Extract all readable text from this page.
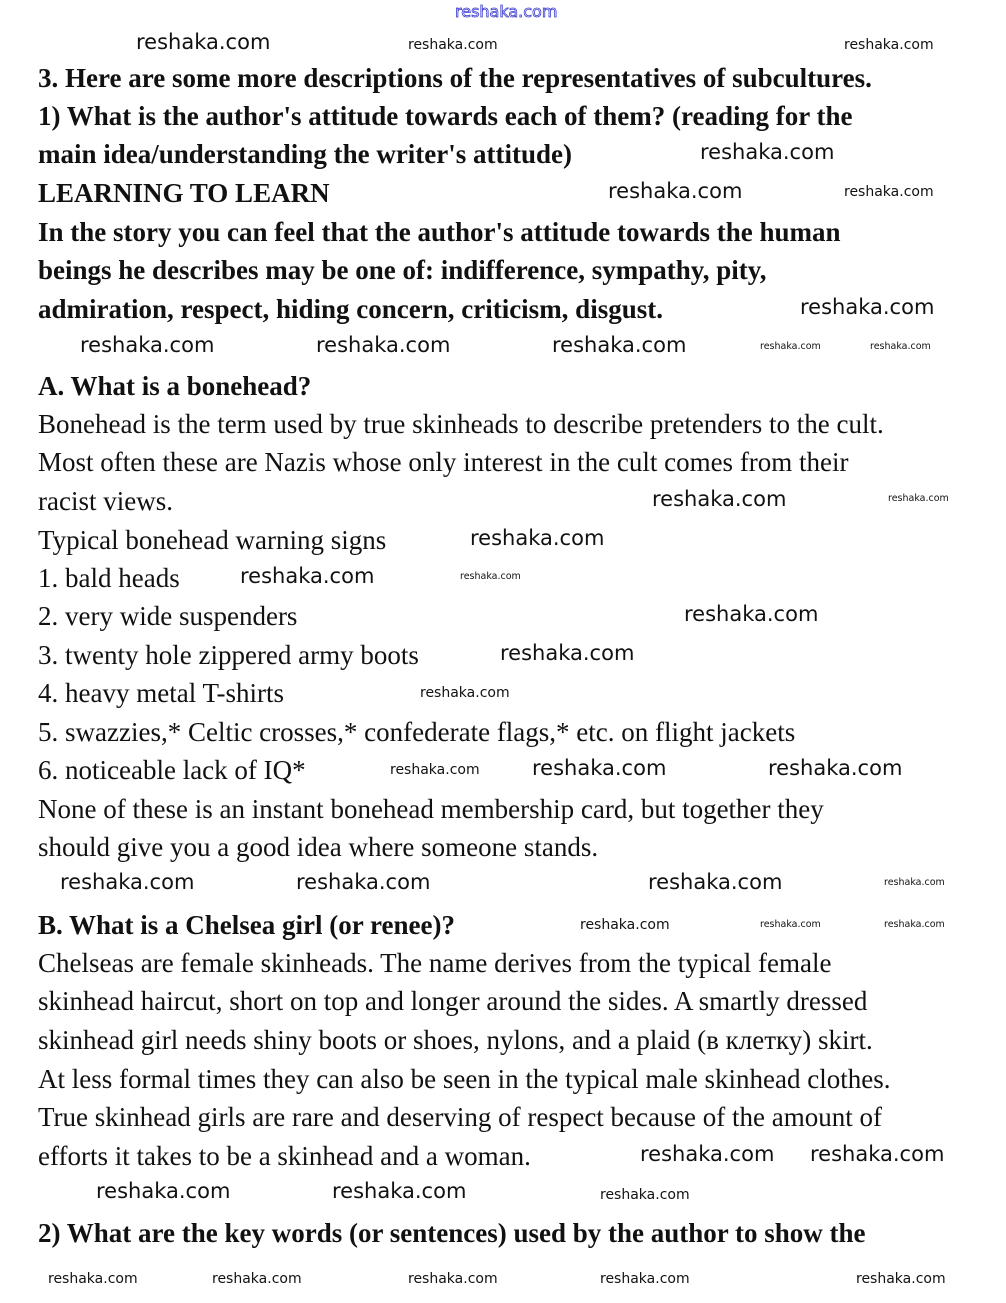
reshaka.com
3. Here are some more descriptions of the representatives of subcultures.
1) What is the author's attitude towards each of them? (reading for the
main idea/understanding the writer's attitude)
LEARNING TO LEARN
In the story you can feel that the author's attitude towards the human
beings he describes may be one of: indifference, sympathy, pity,
admiration, respect, hiding concern, criticism, disgust.
A. What is a bonehead?
Bonehead is the term used by true skinheads to describe pretenders to the cult.
Most often these are Nazis whose only interest in the cult comes from their
racist views.
Typical bonehead warning signs
1. bald heads
2. very wide suspenders
3. twenty hole zippered army boots
4. heavy metal T-shirts
5. swazzies,* Celtic crosses,* confederate flags,* etc. on flight jackets
6. noticeable lack of IQ*
None of these is an instant bonehead membership card, but together they
should give you a good idea where someone stands.
B. What is a Chelsea girl (or renee)?
Chelseas are female skinheads. The name derives from the typical female
skinhead haircut, short on top and longer around the sides. A smartly dressed
skinhead girl needs shiny boots or shoes, nylons, and a plaid (в клетку) skirt.
At less formal times they can also be seen in the typical male skinhead clothes.
True skinhead girls are rare and deserving of respect because of the amount of
efforts it takes to be a skinhead and a woman.
2) What are the key words (or sentences) used by the author to show the
reshaka.com
reshaka.com
reshaka.com
reshaka.com
reshaka.com	reshaka.com	reshaka.com
reshaka.com
reshaka.com
reshaka.com
reshaka.com
reshaka.com
reshaka.com	reshaka.com
reshaka.com	reshaka.com	reshaka.com
reshaka.com reshaka.com
reshaka.com	reshaka.com
reshaka.com	reshaka.com
reshaka.com
reshaka.com
reshaka.com
reshaka.com
reshaka.com
reshaka.com	reshaka.com	reshaka.com	reshaka.com	reshaka.com
reshaka.com
reshaka.com	reshaka.com
reshaka.com
reshaka.com
reshaka.com
reshaka.com
